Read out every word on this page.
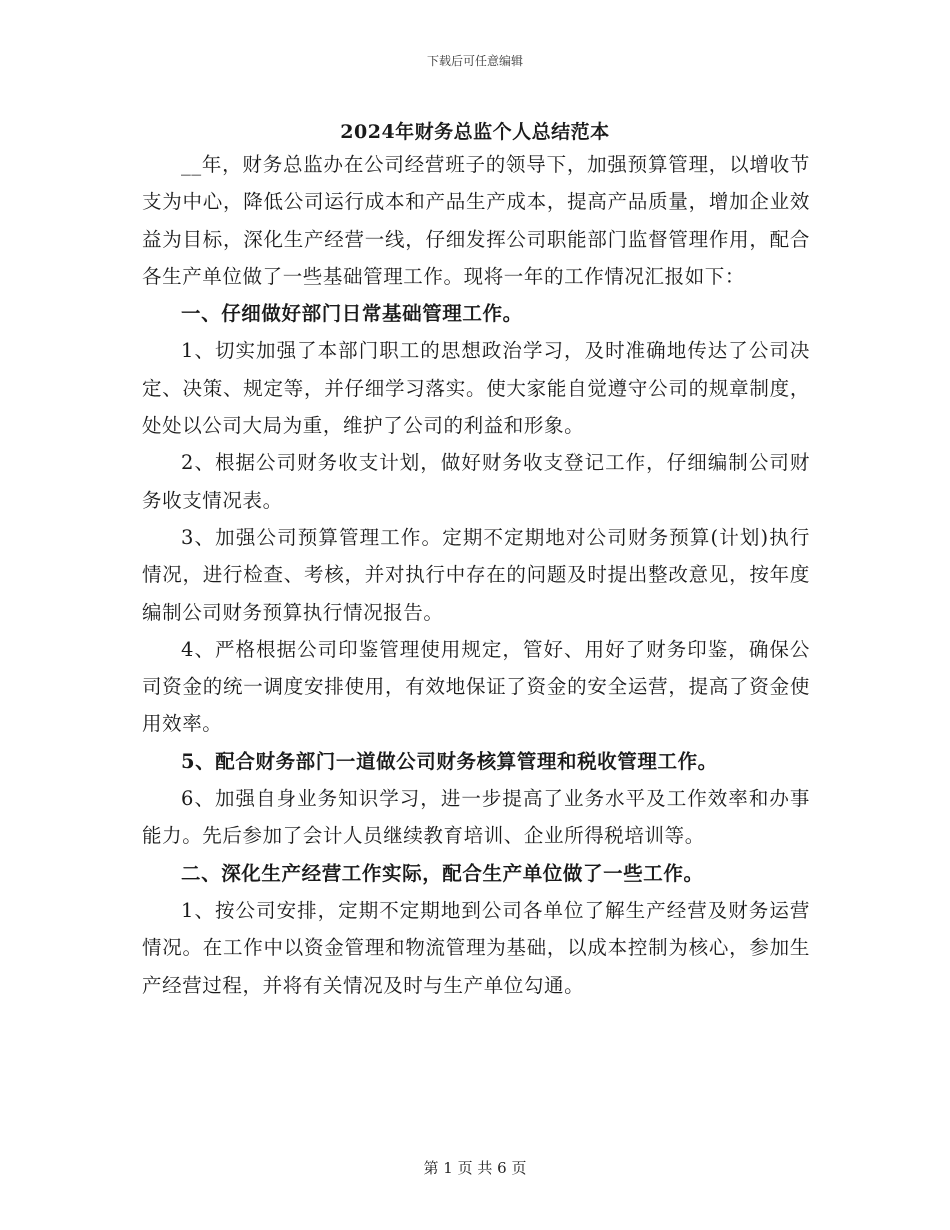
下载后可任意编辑
2024年财务总监个人总结范本

__年，财务总监办在公司经营班子的领导下，加强预算管理，以增收节支为中心，降低公司运行成本和产品生产成本，提高产品质量，增加企业效益为目标，深化生产经营一线，仔细发挥公司职能部门监督管理作用，配合各生产单位做了一些基础管理工作。现将一年的工作情况汇报如下：

一、仔细做好部门日常基础管理工作。

1、切实加强了本部门职工的思想政治学习，及时准确地传达了公司决定、决策、规定等，并仔细学习落实。使大家能自觉遵守公司的规章制度，处处以公司大局为重，维护了公司的利益和形象。

2、根据公司财务收支计划，做好财务收支登记工作，仔细编制公司财务收支情况表。

3、加强公司预算管理工作。定期不定期地对公司财务预算(计划)执行情况，进行检查、考核，并对执行中存在的问题及时提出整改意见，按年度编制公司财务预算执行情况报告。

4、严格根据公司印鉴管理使用规定，管好、用好了财务印鉴，确保公司资金的统一调度安排使用，有效地保证了资金的安全运营，提高了资金使用效率。

5、配合财务部门一道做公司财务核算管理和税收管理工作。

6、加强自身业务知识学习，进一步提高了业务水平及工作效率和办事能力。先后参加了会计人员继续教育培训、企业所得税培训等。

二、深化生产经营工作实际，配合生产单位做了一些工作。

1、按公司安排，定期不定期地到公司各单位了解生产经营及财务运营情况。在工作中以资金管理和物流管理为基础，以成本控制为核心，参加生产经营过程，并将有关情况及时与生产单位勾通。

第 1 页 共 6 页
